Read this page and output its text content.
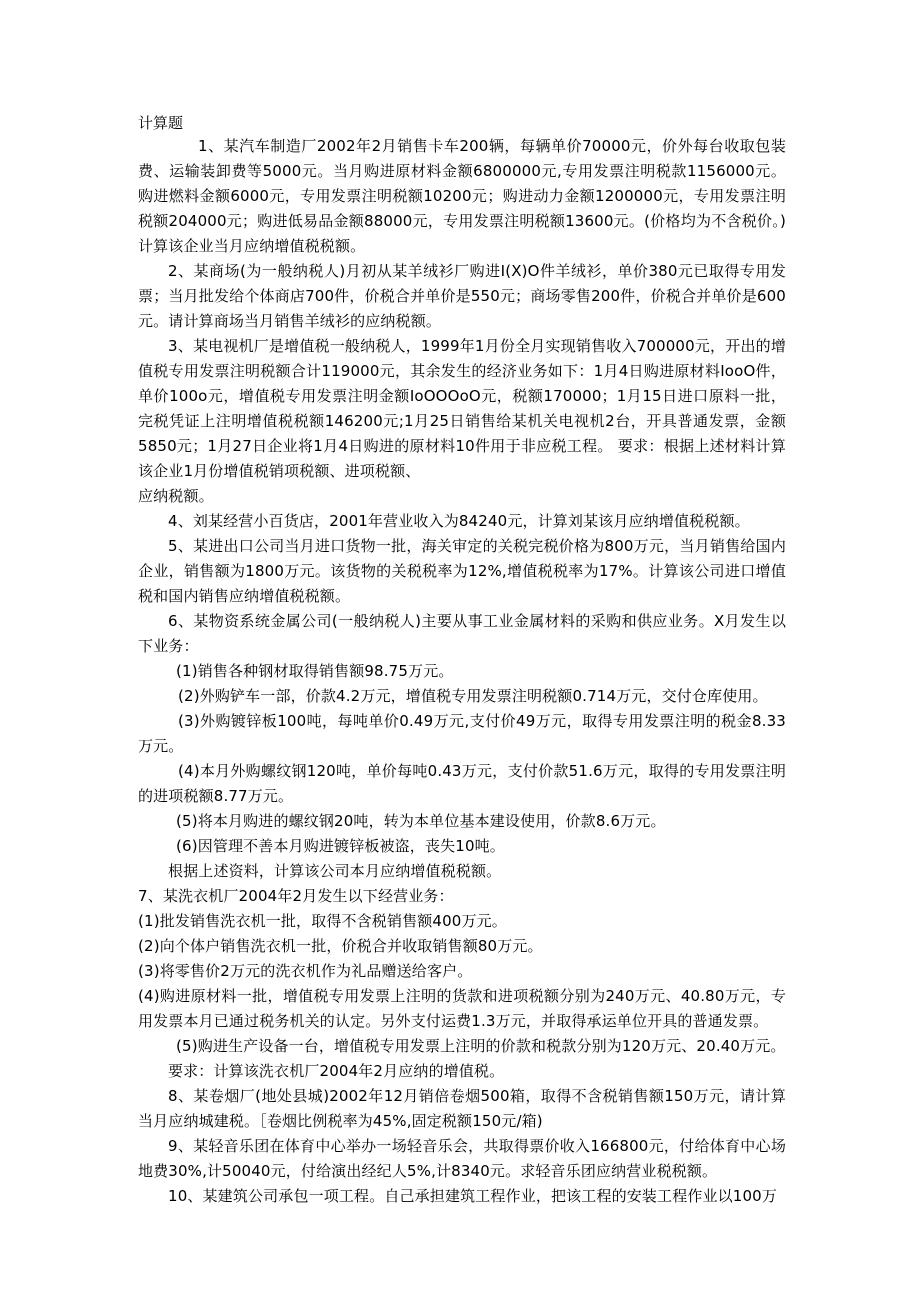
计算题

1、某汽车制造厂2002年2月销售卡车200辆，每辆单价70000元，价外每台收取包装费、运输装卸费等5000元。当月购进原材料金额6800000元,专用发票注明税款1156000元。购进燃料金额6000元，专用发票注明税额10200元；购进动力金额1200000元，专用发票注明税额204000元；购进低易品金额88000元，专用发票注明税额13600元。(价格均为不含税价。)计算该企业当月应纳增值税税额。

2、某商场(为一般纳税人)月初从某羊绒衫厂购进I(X)O件羊绒衫，单价380元已取得专用发票；当月批发给个体商店700件，价税合并单价是550元；商场零售200件，价税合并单价是600元。请计算商场当月销售羊绒衫的应纳税额。

3、某电视机厂是增值税一般纳税人，1999年1月份全月实现销售收入700000元，开出的增值税专用发票注明税额合计119000元，其余发生的经济业务如下：1月4日购进原材料IooO件，单价100o元，增值税专用发票注明金额IoOOOoO元，税额170000；1月15日进口原料一批，完税凭证上注明增值税税额146200元;1月25日销售给某机关电视机2台，开具普通发票，金额5850元；1月27日企业将1月4日购进的原材料10件用于非应税工程。 要求：根据上述材料计算该企业1月份增值税销项税额、进项税额、

应纳税额。

4、刘某经营小百货店，2001年营业收入为84240元，计算刘某该月应纳增值税税额。

5、某进出口公司当月进口货物一批，海关审定的关税完税价格为800万元，当月销售给国内企业，销售额为1800万元。该货物的关税税率为12%,增值税税率为17%。计算该公司进口增值税和国内销售应纳增值税税额。

6、某物资系统金属公司(一般纳税人)主要从事工业金属材料的采购和供应业务。X月发生以下业务：

(1)销售各种钢材取得销售额98.75万元。

(2)外购铲车一部，价款4.2万元，增值税专用发票注明税额0.714万元，交付仓库使用。

(3)外购镀锌板100吨，每吨单价0.49万元,支付价49万元，取得专用发票注明的税金8.33万元。

(4)本月外购螺纹钢120吨，单价每吨0.43万元，支付价款51.6万元，取得的专用发票注明的进项税额8.77万元。

(5)将本月购进的螺纹钢20吨，转为本单位基本建设使用，价款8.6万元。

(6)因管理不善本月购进镀锌板被盗，丧失10吨。

根据上述资料，计算该公司本月应纳增值税税额。

7、某洗衣机厂2004年2月发生以下经营业务：

(1)批发销售洗衣机一批，取得不含税销售额400万元。

(2)向个体户销售洗衣机一批，价税合并收取销售额80万元。

(3)将零售价2万元的洗衣机作为礼品赠送给客户。

(4)购进原材料一批，增值税专用发票上注明的货款和进项税额分别为240万元、40.80万元，专用发票本月已通过税务机关的认定。另外支付运费1.3万元，并取得承运单位开具的普通发票。

(5)购进生产设备一台，增值税专用发票上注明的价款和税款分别为120万元、20.40万元。

要求：计算该洗衣机厂2004年2月应纳的增值税。

8、某卷烟厂(地处县城)2002年12月销倍卷烟500箱，取得不含税销售额150万元，请计算当月应纳城建税。［卷烟比例税率为45%,固定税额150元/箱)

9、某轻音乐团在体育中心举办一场轻音乐会，共取得票价收入166800元，付给体育中心场地费30%,计50040元，付给演出经纪人5%,计8340元。求轻音乐团应纳营业税税额。

10、某建筑公司承包一项工程。自己承担建筑工程作业，把该工程的安装工程作业以100万
